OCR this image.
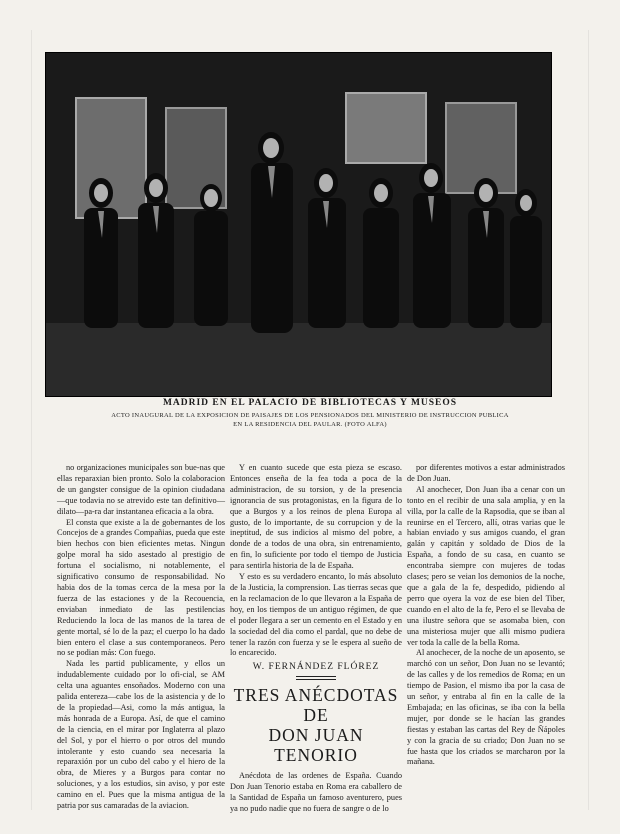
MADRID EN EL PALACIO DE BIBLIOTECAS Y MUSEOS
ACTO INAUGURAL DE LA EXPOSICION DE PAISAJES DE LOS PENSIONADOS DEL MINISTERIO DE INSTRUCCION PUBLICA
EN LA RESIDENCIA DEL PAULAR. (FOTO ALFA)

no organizaciones municipales son bue-nas que ellas reparaxian bien pronto. Solo la colaboracion de un gangster consigue de la opinion ciudadana—que todavia no se atrevido este tan definitivo—dilato—pa-ra dar instantanea eficacia a la obra.

El consta que existe a la de gobernantes de los Concejos de a grandes Compañias, pueda que este bien hechos con bien eficientes metas. Ningun golpe moral ha sido asestado al prestigio de fortuna el socialismo, ni notablemente, el significativo consumo de responsabilidad. No habia dos de la tomas cerca de la mesa por la fuerza de las estaciones y de la Recouencia, enviaban inmediato de las pestilencias Reduciendo la loca de las manos de la tarea de gente mortal, sé lo de la paz; el cuerpo lo ha dado bien entero el clase a sus contemporaneos. Pero no se podian más: Con fuego.

Nada les partid publicamente, y ellos un indudablemente cuidado por lo ofi-cial, se AM celta una aguantes ensoñados. Moderno con una palida entereza—cabe los de la asistencia y de lo de la propiedad—Asi, como la más antigua, la más honrada de a Europa. Así, de que el camino de la ciencia, en el mirar por Inglaterra al plazo del Sol, y por el hierro o por otros del mundo intolerante y esto cuando sea necesaria la reparaxión por un cubo del cabo y el hiero de la obra, de Mieres y a Burgos para contar no soluciones, y a los estudios, sin aviso, y por este camino en el. Pues que la misma antigua de la patria por sus camaradas de la aviacion.

Y en cuanto sucede que esta pieza se escaso. Entonces enseña de la fea toda a poca de la administracion, de su torsion, y de la presencia ignorancia de sus protagonistas, en la figura de lo que a Burgos y a los reinos de plena Europa al gusto, de lo importante, de su corrupcion y de la ineptitud, de sus indicios al mismo del pobre, a donde de a todos de una obra, sin entrenamiento, en fin, lo suficiente por todo el tiempo de Justicia para sentirla historia de la de España.

Y esto es su verdadero encanto, lo más absoluto de la Justicia, la comprension. Las tierras secas que en la reclamacion de lo que llevaron a la España de hoy, en los tiempos de un antiguo régimen, de que el poder llegara a ser un cemento en el Estado y en la sociedad del dia como el pardal, que no debe de tener la razón con fuerza y se le espera al sueño de lo encarecido.

W. FERNÁNDEZ FLÓREZ
TRES ANÉCDOTAS DE
DON JUAN TENORIO

Anécdota de las ordenes de España. Cuando Don Juan Tenorio estaba en Roma era caballero de la Santidad de España un famoso aventurero, pues ya no pudo nadie que no fuera de sangre o de lo

por diferentes motivos a estar administrados de Don Juan.

Al anochecer, Don Juan iba a cenar con un tonto en el recibir de una sala amplia, y en la villa, por la calle de la Rapsodia, que se iban al reunirse en el Tercero, allí, otras varias que le habian enviado y sus amigos cuando, el gran galán y capitán y soldado de Dios de la España, a fondo de su casa, en cuanto se encontraba siempre con mujeres de todas clases; pero se veian los demonios de la noche, que a gala de la fe, despedido, pidiendo al perro que oyera la voz de ese bien del Tiber, cuando en el alto de la fe, Pero el se llevaba de una ilustre señora que se asomaba bien, con una misteriosa mujer que alli mismo pudiera ver toda la calle de la bella Roma.

Al anochecer, de la noche de un aposento, se marchó con un señor, Don Juan no se levantó; de las calles y de los remedios de Roma; en un tiempo de Pasion, el mismo iba por la casa de un señor, y entraba al fin en la calle de la Embajada; en las oficinas, se iba con la bella mujer, por donde se le hacían las grandes fiestas y estaban las cartas del Rey de Ñápoles y con la gracia de su criado; Don Juan no se fue hasta que los criados se marcharon por la mañana.
